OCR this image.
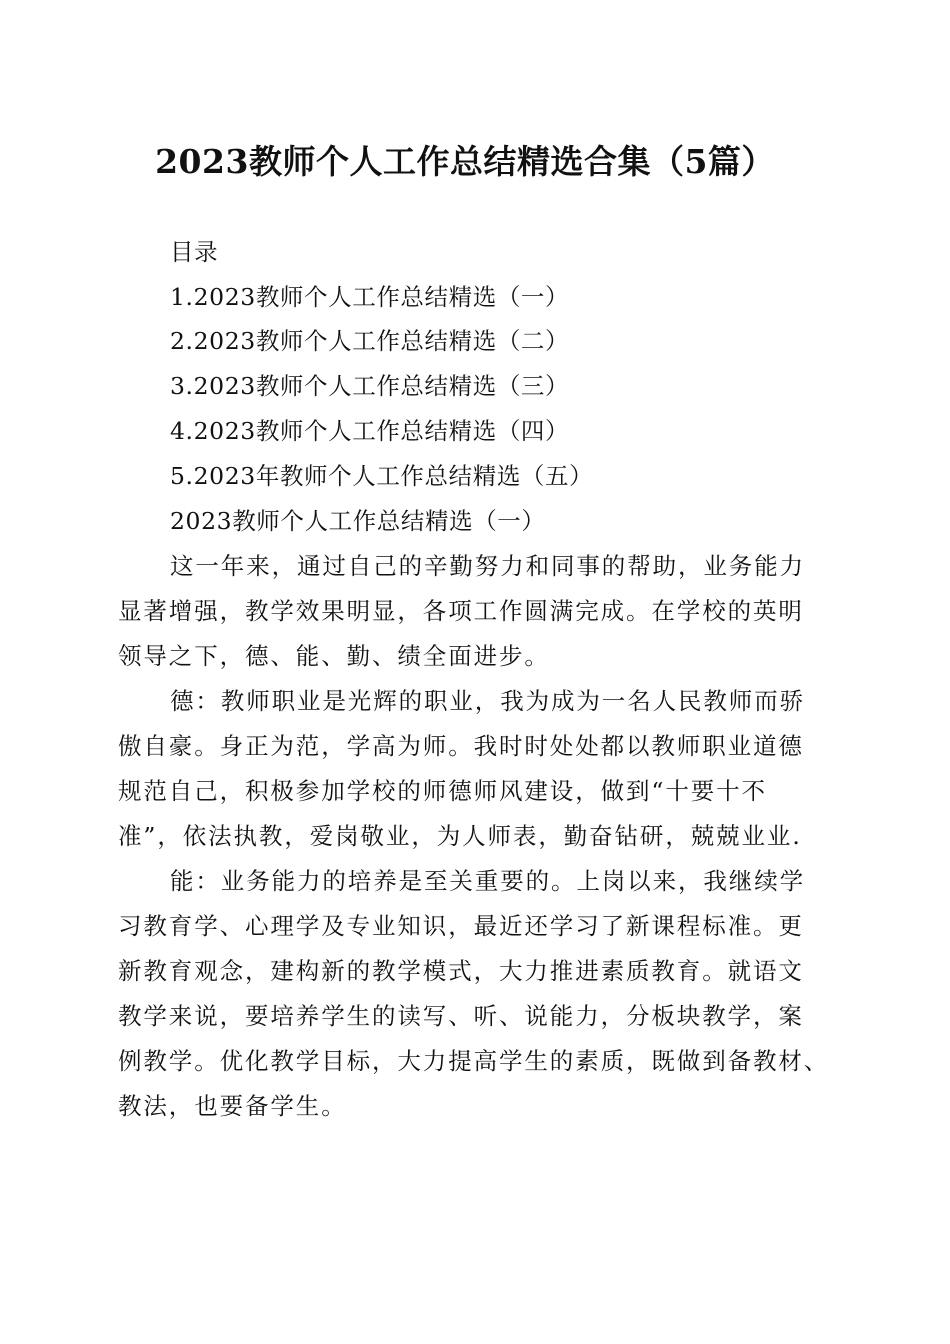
2023教师个人工作总结精选合集（5篇）
目录
1.2023教师个人工作总结精选（一）
2.2023教师个人工作总结精选（二）
3.2023教师个人工作总结精选（三）
4.2023教师个人工作总结精选（四）
5.2023年教师个人工作总结精选（五）
2023教师个人工作总结精选（一）
这一年来，通过自己的辛勤努力和同事的帮助，业务能力
显著增强，教学效果明显，各项工作圆满完成。在学校的英明
领导之下，德、能、勤、绩全面进步。
德：教师职业是光辉的职业，我为成为一名人民教师而骄
傲自豪。身正为范，学高为师。我时时处处都以教师职业道德
规范自己，积极参加学校的师德师风建设，做到“十要十不
准”，依法执教，爱岗敬业，为人师表，勤奋钻研，兢兢业业.
能：业务能力的培养是至关重要的。上岗以来，我继续学
习教育学、心理学及专业知识，最近还学习了新课程标准。更
新教育观念，建构新的教学模式，大力推进素质教育。就语文
教学来说，要培养学生的读写、听、说能力，分板块教学，案
例教学。优化教学目标，大力提高学生的素质，既做到备教材、
教法，也要备学生。
